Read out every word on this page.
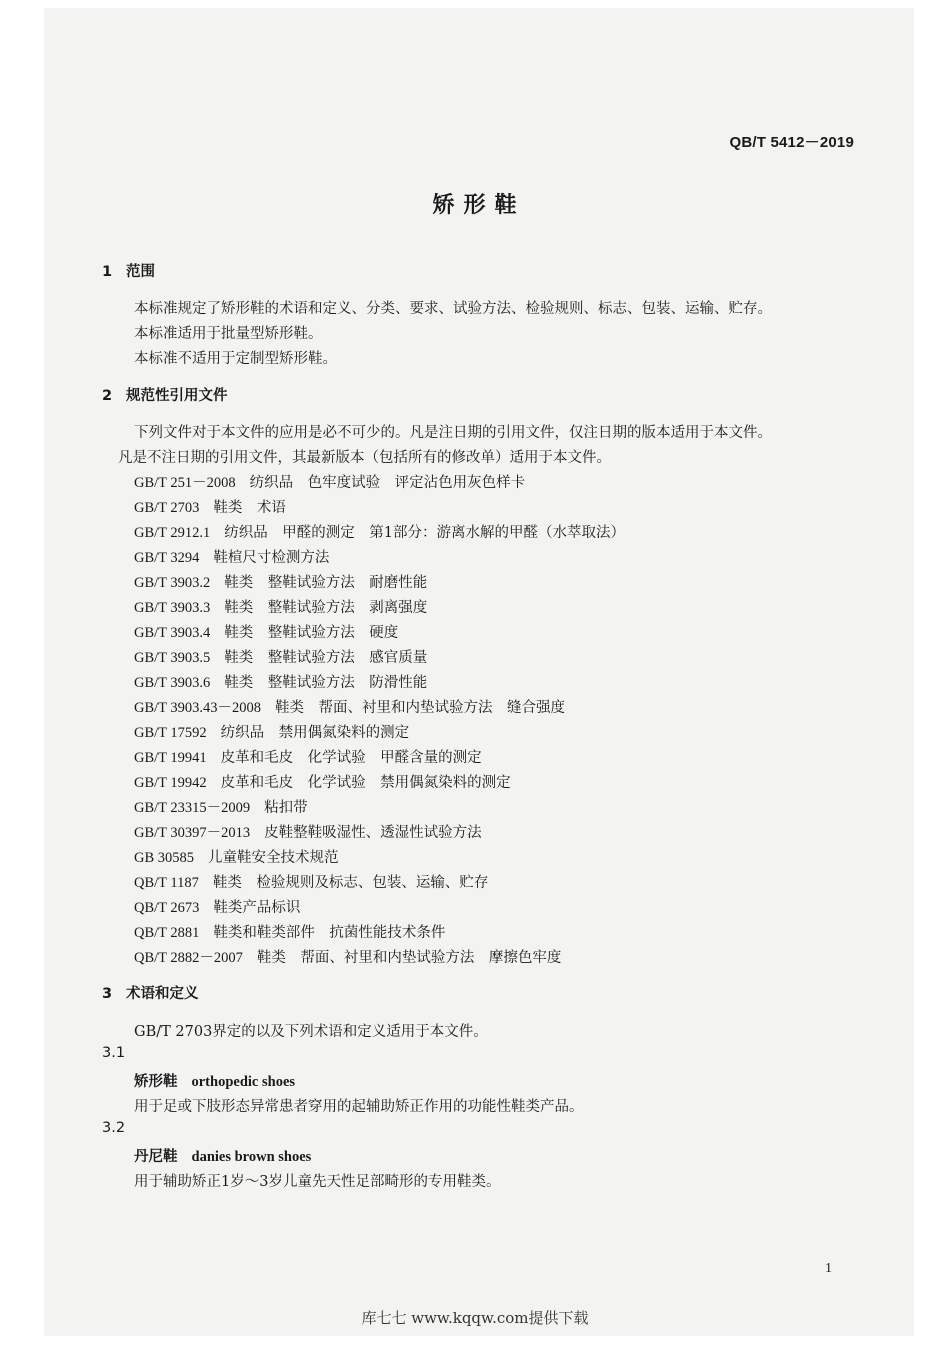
QB/T 5412－2019
矫形鞋
1 范围
本标准规定了矫形鞋的术语和定义、分类、要求、试验方法、检验规则、标志、包装、运输、贮存。
本标准适用于批量型矫形鞋。
本标准不适用于定制型矫形鞋。
2 规范性引用文件
下列文件对于本文件的应用是必不可少的。凡是注日期的引用文件，仅注日期的版本适用于本文件。
凡是不注日期的引用文件，其最新版本（包括所有的修改单）适用于本文件。
GB/T 251－2008 纺织品　色牢度试验　评定沾色用灰色样卡
GB/T 2703 鞋类　术语
GB/T 2912.1 纺织品　甲醛的测定　第1部分：游离水解的甲醛（水萃取法）
GB/T 3294 鞋楦尺寸检测方法
GB/T 3903.2 鞋类　整鞋试验方法　耐磨性能
GB/T 3903.3 鞋类　整鞋试验方法　剥离强度
GB/T 3903.4 鞋类　整鞋试验方法　硬度
GB/T 3903.5 鞋类　整鞋试验方法　感官质量
GB/T 3903.6 鞋类　整鞋试验方法　防滑性能
GB/T 3903.43－2008 鞋类　帮面、衬里和内垫试验方法　缝合强度
GB/T 17592 纺织品　禁用偶氮染料的测定
GB/T 19941 皮革和毛皮　化学试验　甲醛含量的测定
GB/T 19942 皮革和毛皮　化学试验　禁用偶氮染料的测定
GB/T 23315－2009 粘扣带
GB/T 30397－2013 皮鞋整鞋吸湿性、透湿性试验方法
GB 30585 儿童鞋安全技术规范
QB/T 1187 鞋类　检验规则及标志、包装、运输、贮存
QB/T 2673 鞋类产品标识
QB/T 2881 鞋类和鞋类部件　抗菌性能技术条件
QB/T 2882－2007 鞋类　帮面、衬里和内垫试验方法　摩擦色牢度
3 术语和定义
GB/T 2703界定的以及下列术语和定义适用于本文件。
3.1
矫形鞋 orthopedic shoes
用于足或下肢形态异常患者穿用的起辅助矫正作用的功能性鞋类产品。
3.2
丹尼鞋 danies brown shoes
用于辅助矫正1岁～3岁儿童先天性足部畸形的专用鞋类。
1
库七七 www.kqqw.com提供下载
